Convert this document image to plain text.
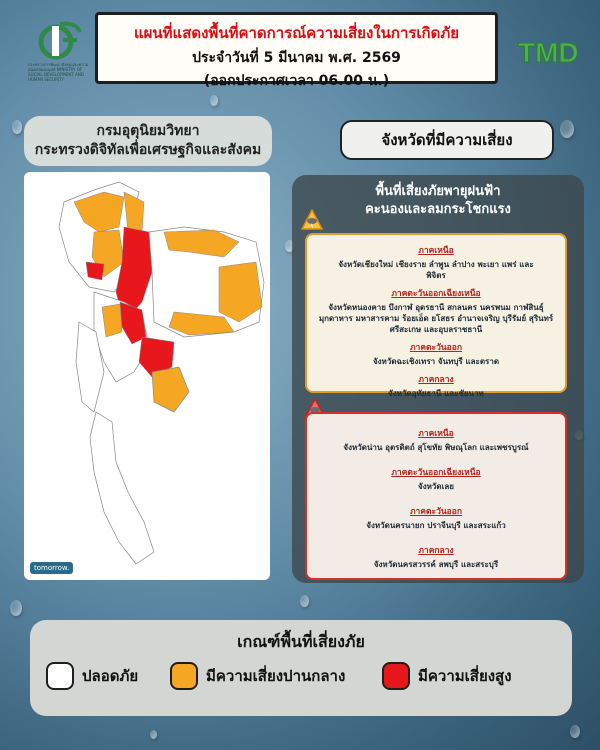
กระทรวงการพัฒนาสังคมและความมั่นคงของมนุษย์ MINISTRY OF SOCIAL DEVELOPMENT AND HUMAN SECURITY
แผนที่แสดงพื้นที่คาดการณ์ความเสี่ยงในการเกิดภัย
ประจำวันที่ 5 มีนาคม พ.ศ. 2569
(ออกประกาศเวลา 06.00 น.)
TMD
กรมอุตุนิยมวิทยา
กระทรวงดิจิทัลเพื่อเศรษฐกิจและสังคม
tomorrow.
จังหวัดที่มีความเสี่ยง
พื้นที่เสี่ยงภัยพายุฝนฟ้า
คะนองและลมกระโชกแรง
ภาคเหนือ
จังหวัดเชียงใหม่ เชียงราย ลำพูน ลำปาง พะเยา แพร่ และพิจิตร
ภาคตะวันออกเฉียงเหนือ
จังหวัดหนองคาย บึงกาฬ อุดรธานี สกลนคร นครพนม กาฬสินธุ์ มุกดาหาร มหาสารคาม ร้อยเอ็ด ยโสธร อำนาจเจริญ บุรีรัมย์ สุรินทร์ ศรีสะเกษ และอุบลราชธานี
ภาคตะวันออก
จังหวัดฉะเชิงเทรา จันทบุรี และตราด
ภาคกลาง
จังหวัดอุทัยธานี และชัยนาท
ภาคเหนือ
จังหวัดน่าน อุตรดิตถ์ สุโขทัย พิษณุโลก และเพชรบูรณ์
ภาคตะวันออกเฉียงเหนือ
จังหวัดเลย
ภาคตะวันออก
จังหวัดนครนายก ปราจีนบุรี และสระแก้ว
ภาคกลาง
จังหวัดนครสวรรค์ ลพบุรี และสระบุรี
เกณฑ์พื้นที่เสี่ยงภัย
ปลอดภัย	มีความเสี่ยงปานกลาง	มีความเสี่ยงสูง
